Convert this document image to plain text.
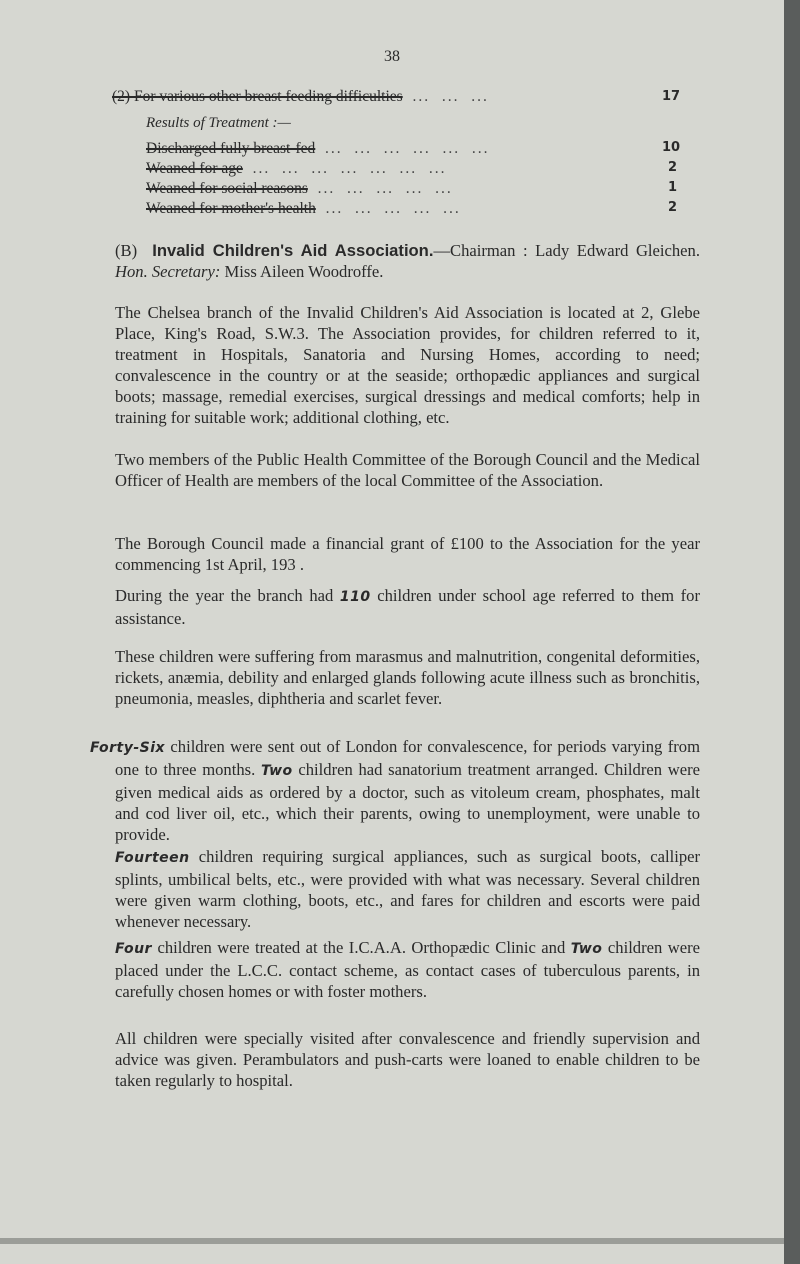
38
(2) For various other breast feeding difficulties  ...  ...  ...	17
Results of Treatment :—
Discharged fully breast-fed  ...  ...  ...  ...  ...  ...	10
Weaned for age  ...  ...  ...  ...  ...  ...  ...	2
Weaned for social reasons  ...  ...  ...  ...  ...	1
Weaned for mother's health  ...  ...  ...  ...  ...	2

(B) Invalid Children's Aid Association.—Chairman : Lady Edward Gleichen. Hon. Secretary: Miss Aileen Woodroffe.

The Chelsea branch of the Invalid Children's Aid Association is located at 2, Glebe Place, King's Road, S.W.3. The Association provides, for children referred to it, treatment in Hospitals, Sanatoria and Nursing Homes, according to need; convalescence in the country or at the seaside; orthopædic appliances and surgical boots; massage, remedial exercises, surgical dressings and medical comforts; help in training for suitable work; additional clothing, etc.

Two members of the Public Health Committee of the Borough Council and the Medical Officer of Health are members of the local Committee of the Association.

The Borough Council made a financial grant of £100 to the Association for the year commencing 1st April, 193 .

During the year the branch had 110 children under school age referred to them for assistance.

These children were suffering from marasmus and malnutrition, congenital deformities, rickets, anæmia, debility and enlarged glands following acute illness such as bronchitis, pneumonia, measles, diphtheria and scarlet fever.

Forty-Six children were sent out of London for convalescence, for periods varying from one to three months. Two children had sanatorium treatment arranged. Children were given medical aids as ordered by a doctor, such as vitoleum cream, phosphates, malt and cod liver oil, etc., which their parents, owing to unemployment, were unable to provide.

Fourteen children requiring surgical appliances, such as surgical boots, calliper splints, umbilical belts, etc., were provided with what was necessary. Several children were given warm clothing, boots, etc., and fares for children and escorts were paid whenever necessary.

Four children were treated at the I.C.A.A. Orthopædic Clinic and Two children were placed under the L.C.C. contact scheme, as contact cases of tuberculous parents, in carefully chosen homes or with foster mothers.

All children were specially visited after convalescence and friendly supervision and advice was given. Perambulators and push-carts were loaned to enable children to be taken regularly to hospital.
